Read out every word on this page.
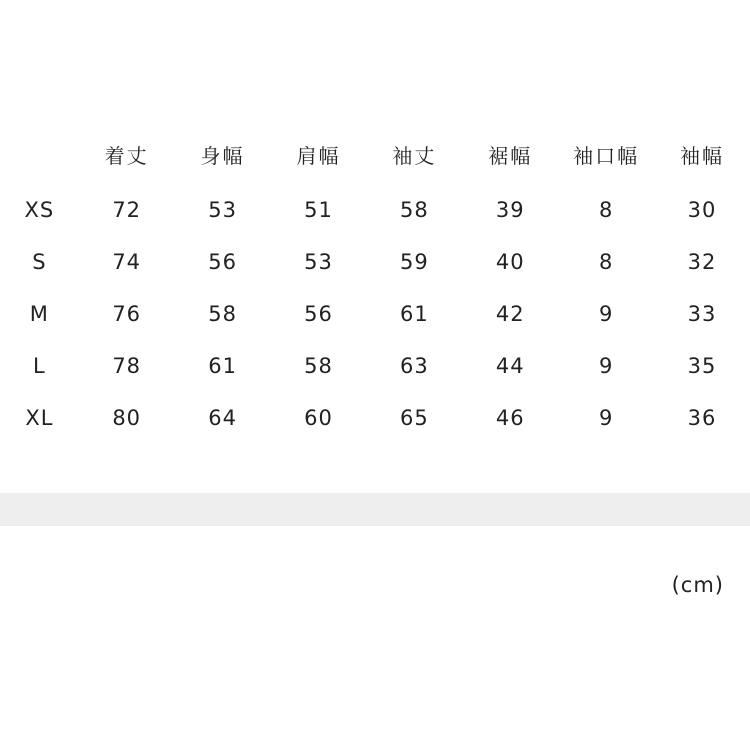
	着丈	身幅	肩幅	袖丈	裾幅	袖口幅	袖幅
XS	72	53	51	58	39	8	30
S	74	56	53	59	40	8	32
M	76	58	56	61	42	9	33
L	78	61	58	63	44	9	35
XL	80	64	60	65	46	9	36
(cm)
